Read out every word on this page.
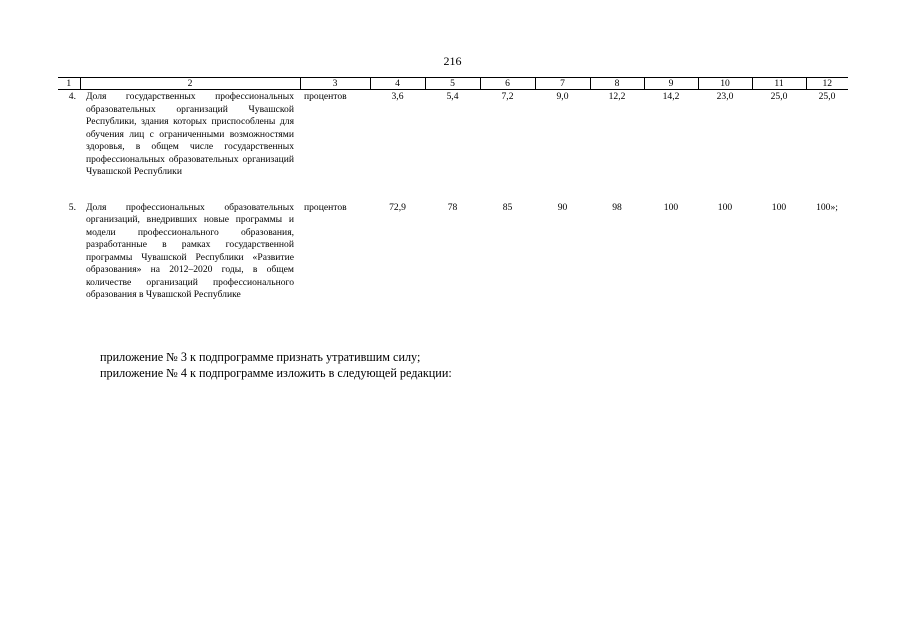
216
1	2	3	4	5	6	7	8	9	10	11	12
4.	Доля государственных профессиональных образовательных организаций Чувашской Республики, здания которых приспособлены для обучения лиц с ограниченными возможностями здоровья, в общем числе государственных профессиональных образовательных организаций Чувашской Республики	процентов	3,6	5,4	7,2	9,0	12,2	14,2	23,0	25,0	25,0
5.	Доля профессиональных образовательных организаций, внедривших новые программы и модели профессионального образования, разработанные в рамках государственной программы Чувашской Республики «Развитие образования» на 2012–2020 годы, в общем количестве организаций профессионального образования в Чувашской Республике	процентов	72,9	78	85	90	98	100	100	100	100»;

приложение № 3 к подпрограмме признать утратившим силу;

приложение № 4 к подпрограмме изложить в следующей редакции:
